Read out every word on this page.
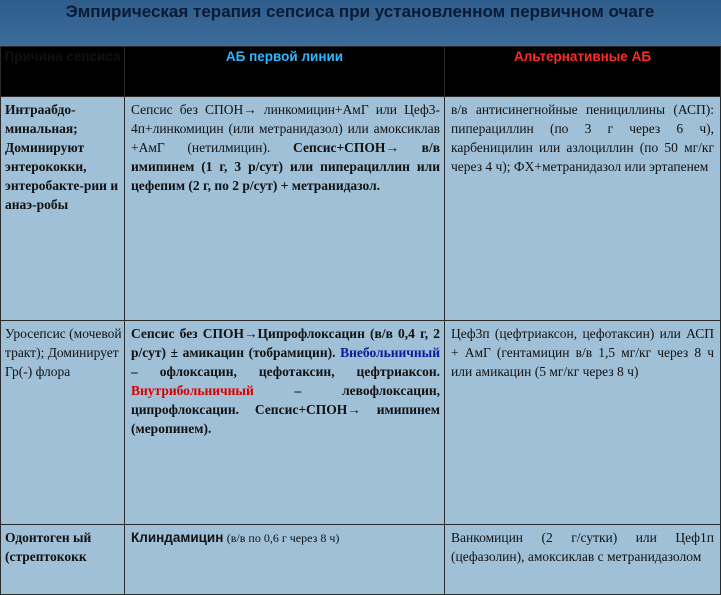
Эмпирическая терапия сепсиса при установленном первичном очаге
Причина сепсиса	АБ первой линии	Альтернативные АБ
Интраабдо-минальная; Доминируют энтерококки, энтеробакте-рии и анаэ-робы	Сепсис без СПОН→ линкомицин+АмГ или Цеф3-4п+линкомицин (или метранидазол) или амоксиклав +АмГ (нетилмицин). Сепсис+СПОН→ в/в имипинем (1 г, 3 р/сут) или пиперациллин или цефепим (2 г, по 2 р/сут) + метранидазол.	в/в антисинегнойные пенициллины (АСП): пиперациллин (по 3 г через 6 ч), карбеницилин или азлоциллин (по 50 мг/кг через 4 ч); ФХ+метранидазол или эртапенем
Уросепсис (мочевой тракт); Доминирует Гр(-) флора	Сепсис без СПОН→Ципрофлоксацин (в/в 0,4 г, 2 р/сут) ± амикацин (тобрамицин). Внебольничный – офлоксацин, цефотаксин, цефтриаксон. Внутрибольничный – левофлоксацин, ципрофлоксацин. Сепсис+СПОН→ имипинем (меропинем).	Цеф3п (цефтриаксон, цефотаксин) или АСП + АмГ (гентамицин в/в 1,5 мг/кг через 8 ч или амикацин (5 мг/кг через 8 ч)
Одонтоген ый (стрептококк	Клиндамицин (в/в по 0,6 г через 8 ч)	Ванкомицин (2 г/сутки) или Цеф1п (цефазолин), амоксиклав с метранидазолом
